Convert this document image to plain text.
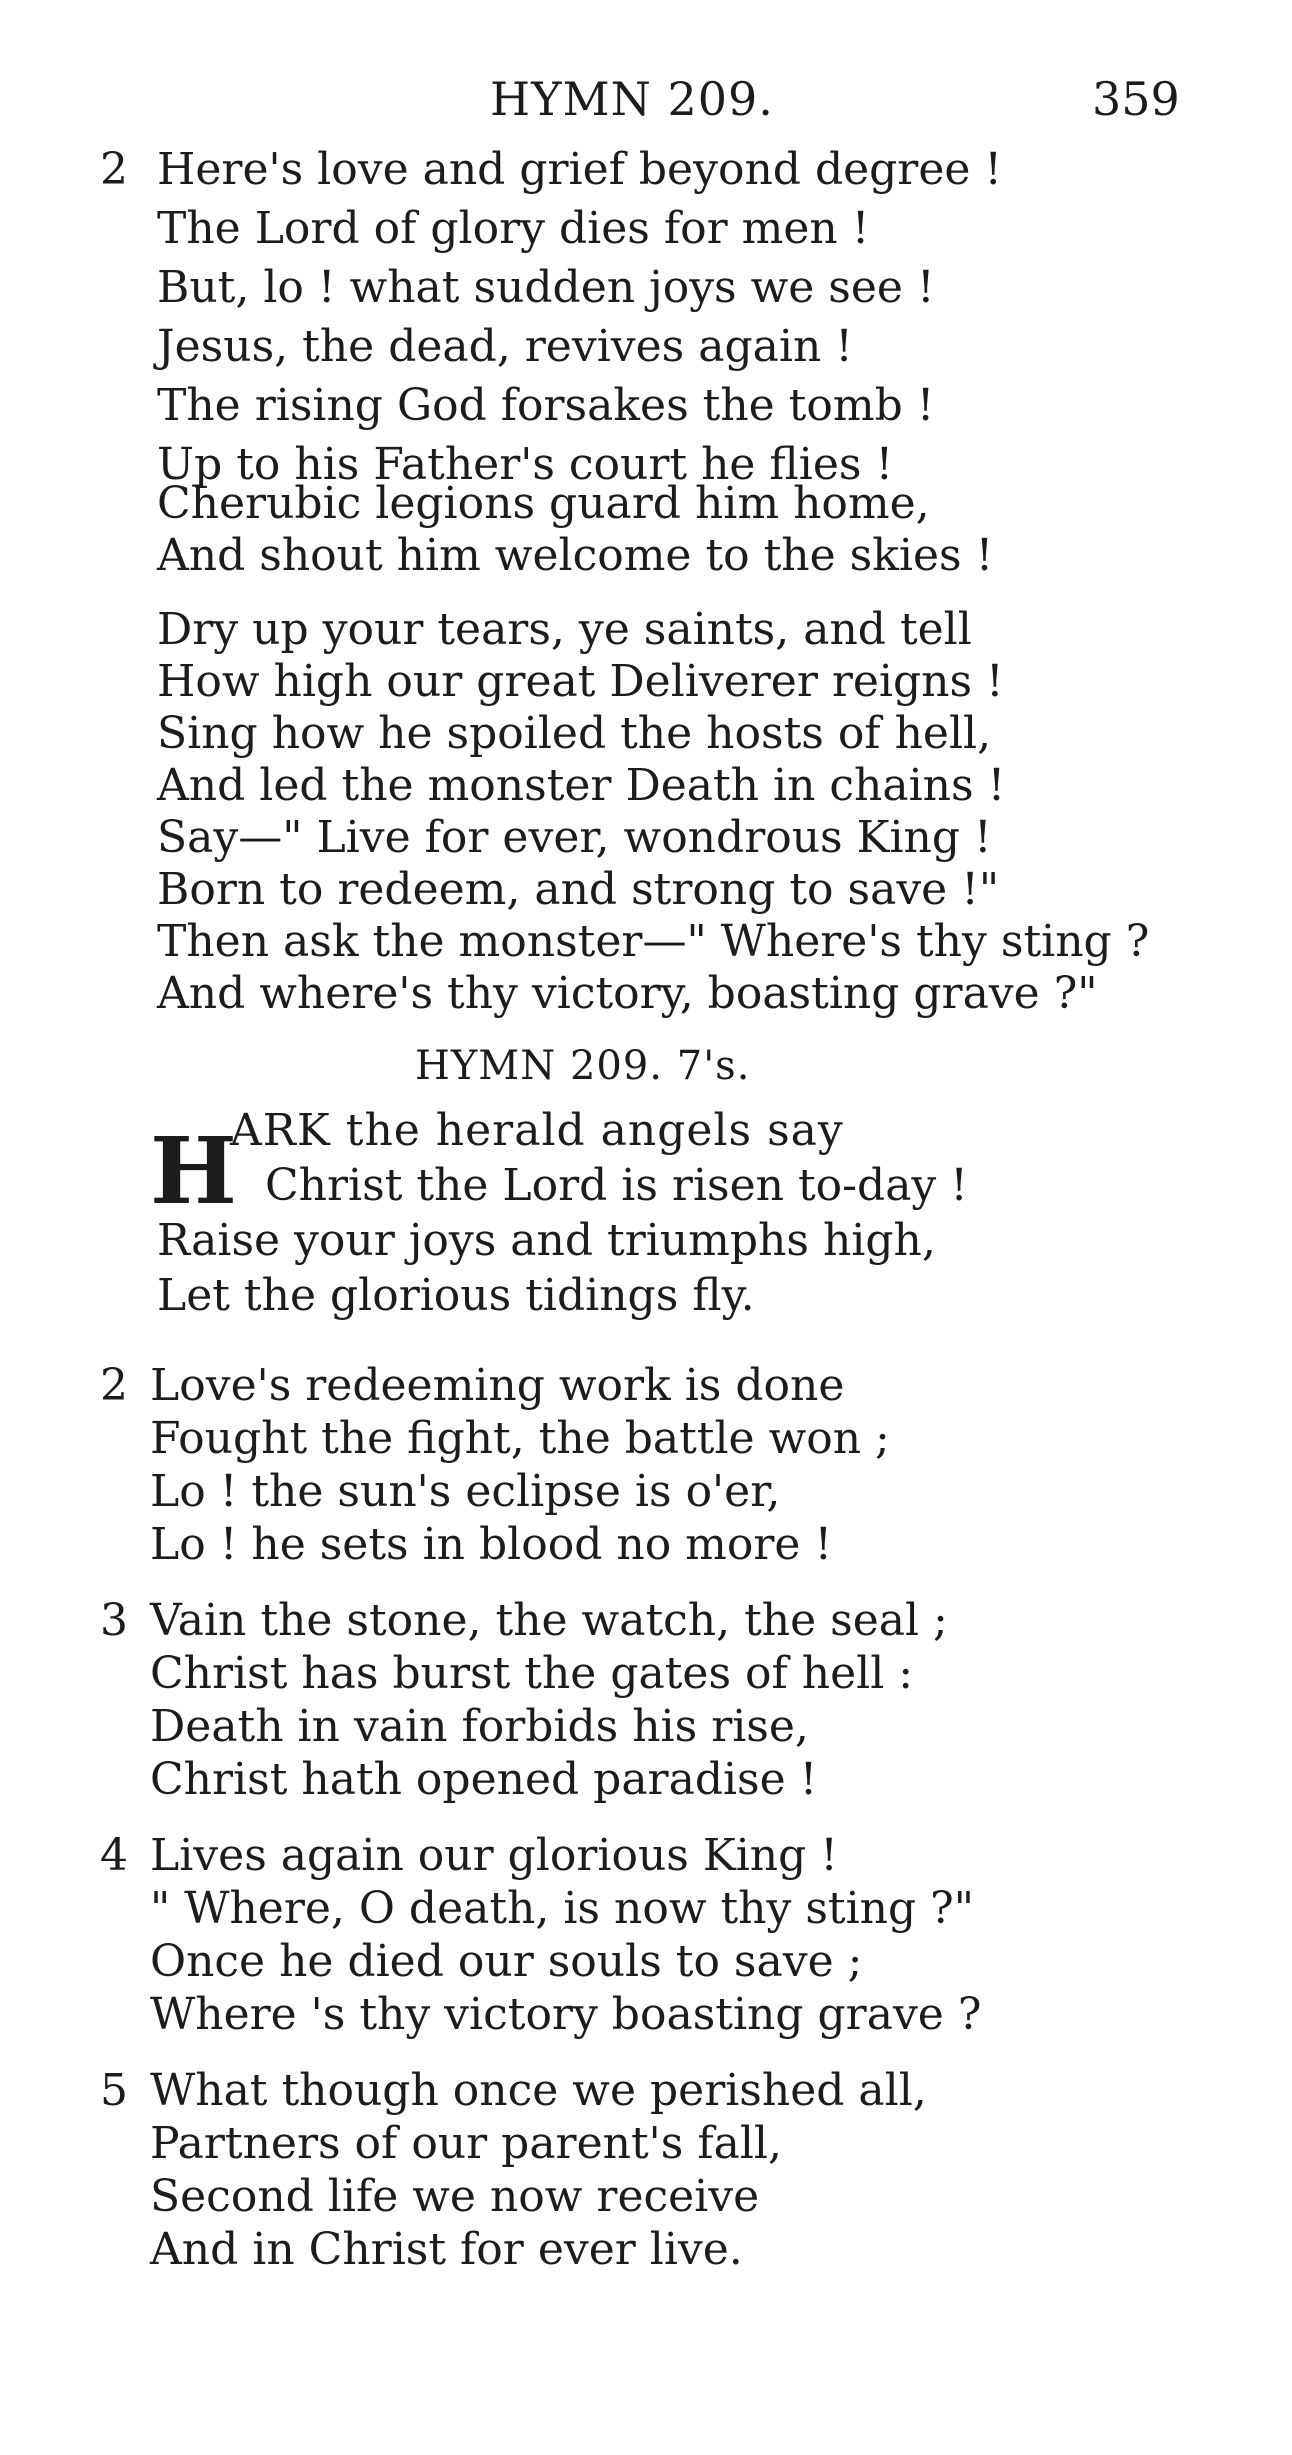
HYMN 209.	359
2 Here's love and grief beyond degree !
The Lord of glory dies for men !
But, lo ! what sudden joys we see !
Jesus, the dead, revives again !
The rising God forsakes the tomb !
Up to his Father's court he flies !
Cherubic legions guard him home,
And shout him welcome to the skies !
Dry up your tears, ye saints, and tell
How high our great Deliverer reigns !
Sing how he spoiled the hosts of hell,
And led the monster Death in chains !
Say—" Live for ever, wondrous King !
Born to redeem, and strong to save !"
Then ask the monster—" Where's thy sting ?
And where's thy victory, boasting grave ?"
HYMN 209. 7's.
H
ARK the herald angels say
Christ the Lord is risen to-day !
Raise your joys and triumphs high,
Let the glorious tidings fly.
2 Love's redeeming work is done
Fought the fight, the battle won ;
Lo ! the sun's eclipse is o'er,
Lo ! he sets in blood no more !
3 Vain the stone, the watch, the seal ;
Christ has burst the gates of hell :
Death in vain forbids his rise,
Christ hath opened paradise !
4 Lives again our glorious King !
" Where, O death, is now thy sting ?"
Once he died our souls to save ;
Where 's thy victory boasting grave ?
5 What though once we perished all,
Partners of our parent's fall,
Second life we now receive
And in Christ for ever live.
